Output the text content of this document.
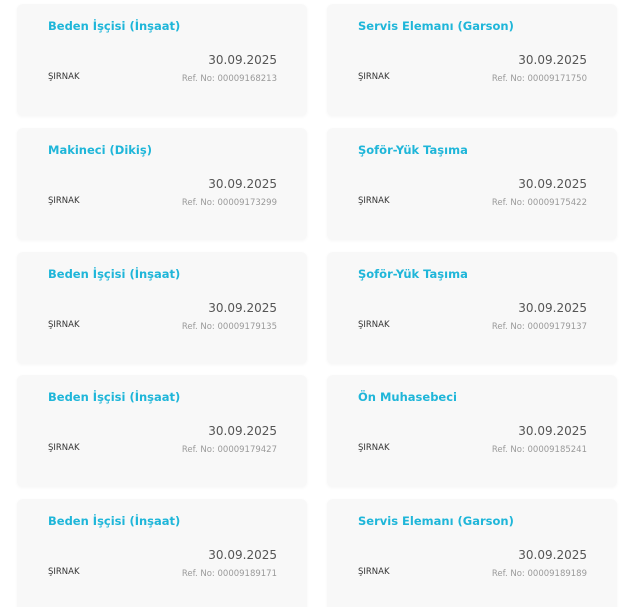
Beden İşçisi (İnşaat)
30.09.2025
ŞIRNAK	Ref. No: 00009168213
Servis Elemanı (Garson)
30.09.2025
ŞIRNAK	Ref. No: 00009171750
Makineci (Dikiş)
30.09.2025
ŞIRNAK	Ref. No: 00009173299
Şoför-Yük Taşıma
30.09.2025
ŞIRNAK	Ref. No: 00009175422
Beden İşçisi (İnşaat)
30.09.2025
ŞIRNAK	Ref. No: 00009179135
Şoför-Yük Taşıma
30.09.2025
ŞIRNAK	Ref. No: 00009179137
Beden İşçisi (İnşaat)
30.09.2025
ŞIRNAK	Ref. No: 00009179427
Ön Muhasebeci
30.09.2025
ŞIRNAK	Ref. No: 00009185241
Beden İşçisi (İnşaat)
30.09.2025
ŞIRNAK	Ref. No: 00009189171
Servis Elemanı (Garson)
30.09.2025
ŞIRNAK	Ref. No: 00009189189
